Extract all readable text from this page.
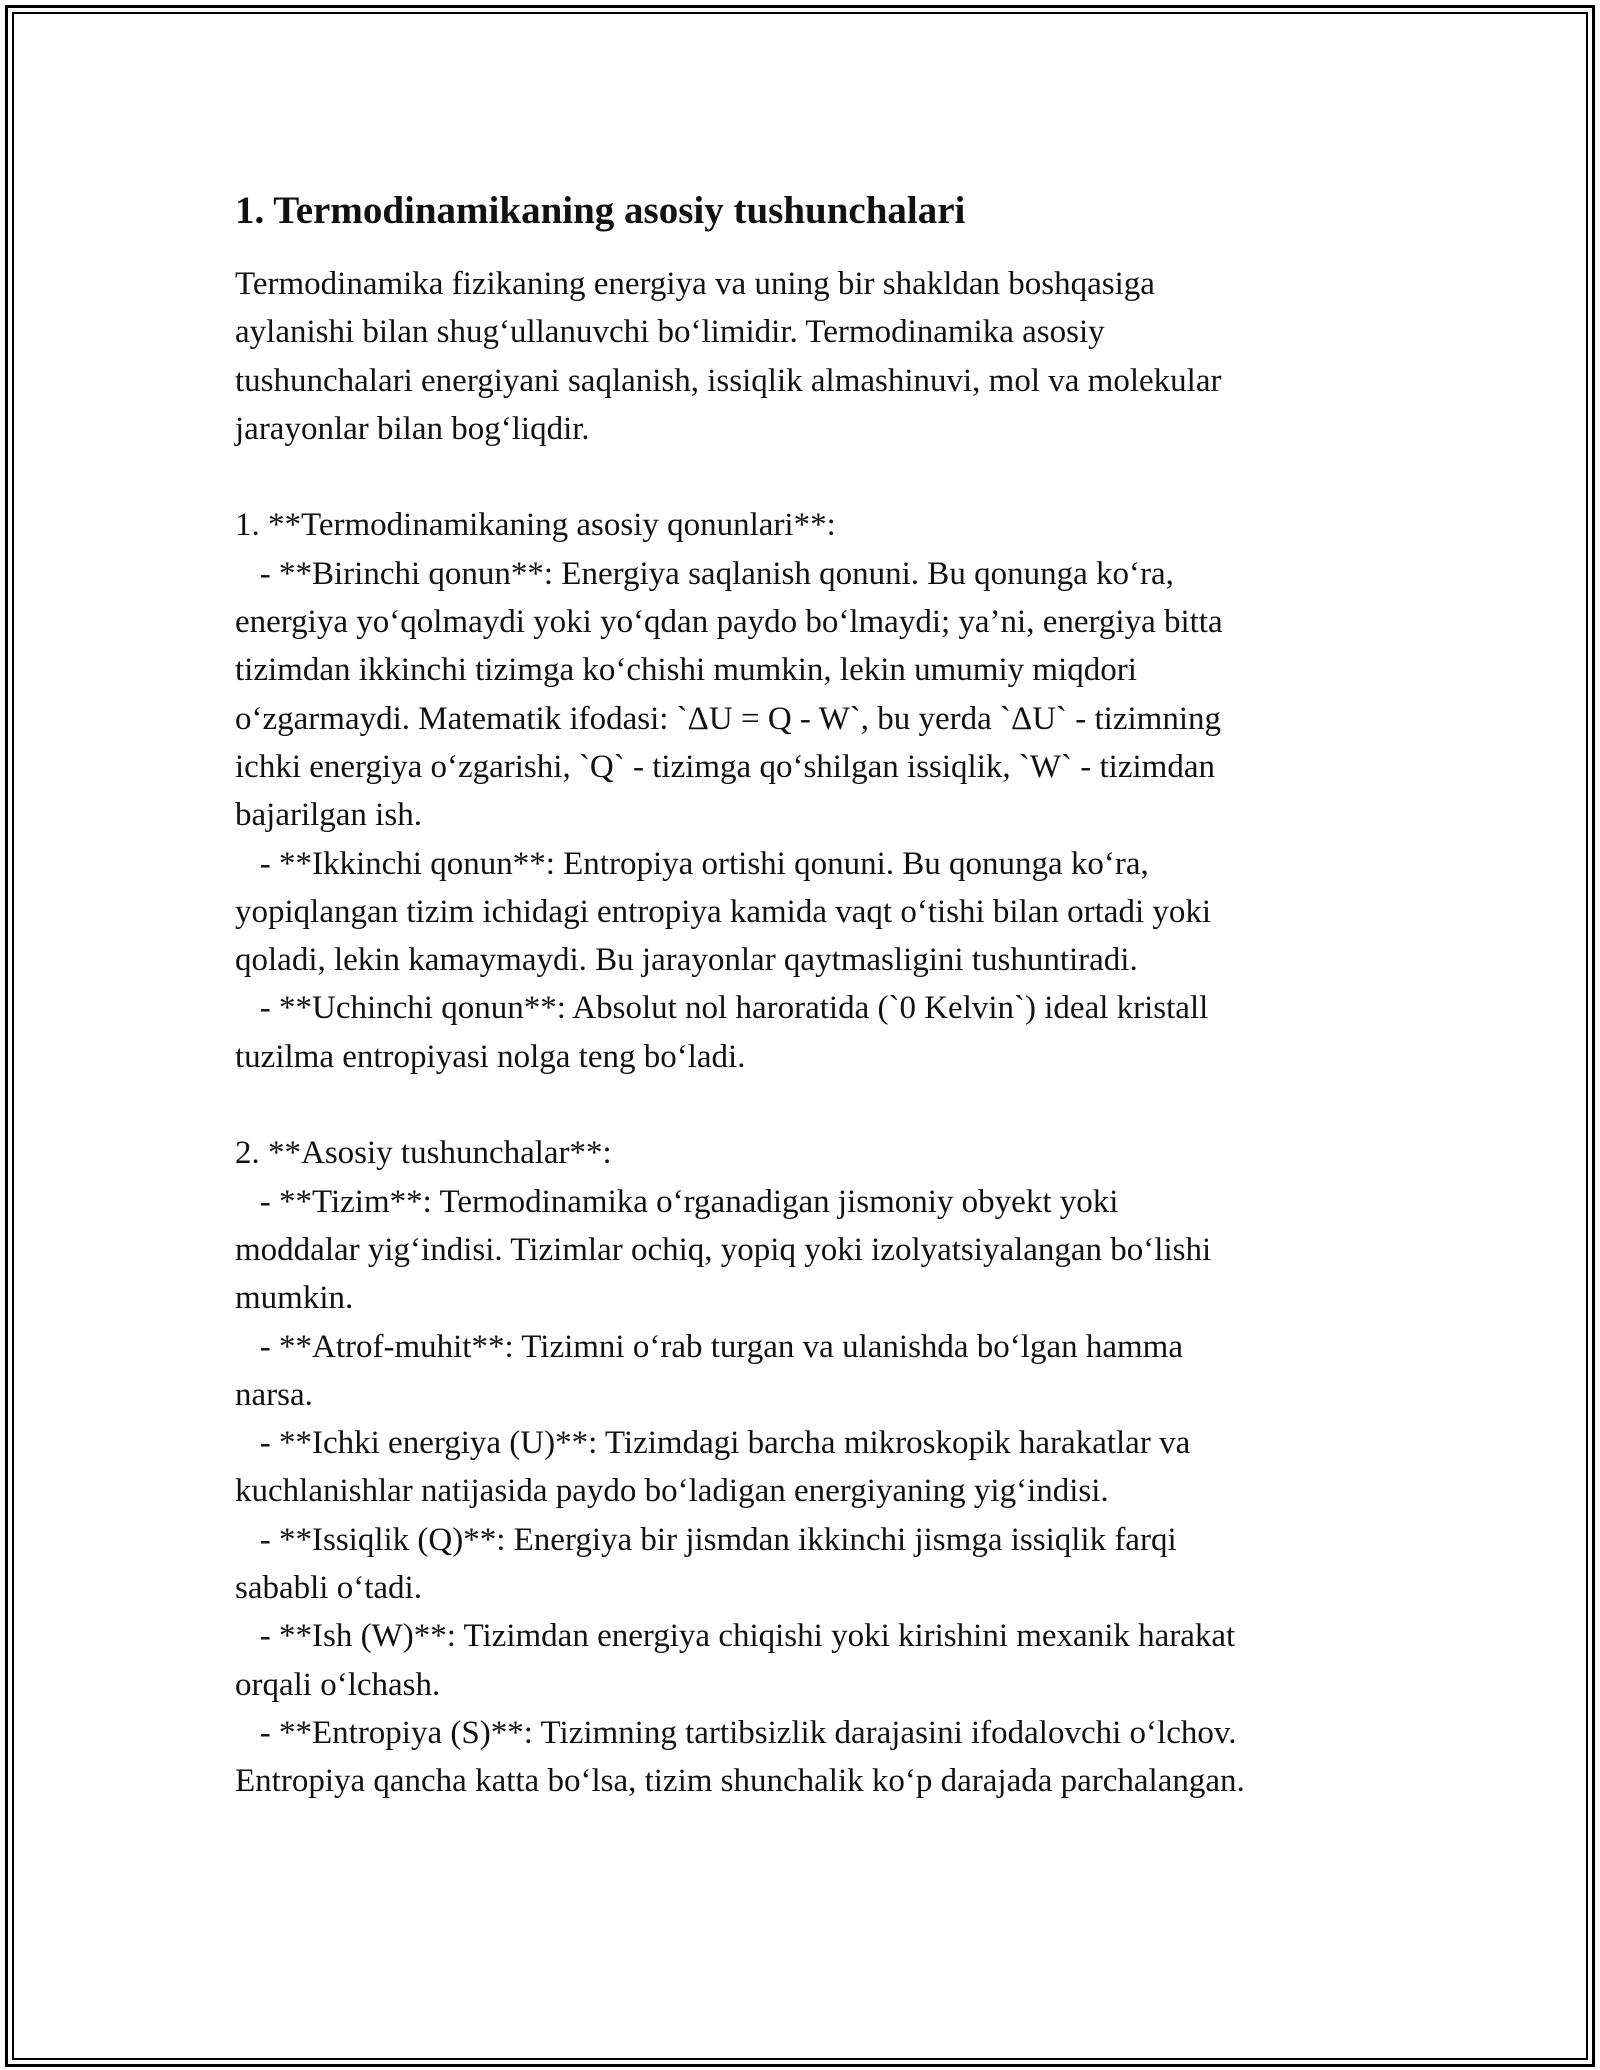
1. Termodinamikaning asosiy tushunchalari
Termodinamika fizikaning energiya va uning bir shakldan boshqasiga
aylanishi bilan shug‘ullanuvchi bo‘limidir. Termodinamika asosiy
tushunchalari energiyani saqlanish, issiqlik almashinuvi, mol va molekular
jarayonlar bilan bog‘liqdir.
1. **Termodinamikaning asosiy qonunlari**:
- **Birinchi qonun**: Energiya saqlanish qonuni. Bu qonunga ko‘ra,
energiya yo‘qolmaydi yoki yo‘qdan paydo bo‘lmaydi; ya’ni, energiya bitta
tizimdan ikkinchi tizimga ko‘chishi mumkin, lekin umumiy miqdori
o‘zgarmaydi. Matematik ifodasi: `ΔU = Q - W`, bu yerda `ΔU` - tizimning
ichki energiya o‘zgarishi, `Q` - tizimga qo‘shilgan issiqlik, `W` - tizimdan
bajarilgan ish.
- **Ikkinchi qonun**: Entropiya ortishi qonuni. Bu qonunga ko‘ra,
yopiqlangan tizim ichidagi entropiya kamida vaqt o‘tishi bilan ortadi yoki
qoladi, lekin kamaymaydi. Bu jarayonlar qaytmasligini tushuntiradi.
- **Uchinchi qonun**: Absolut nol haroratida (`0 Kelvin`) ideal kristall
tuzilma entropiyasi nolga teng bo‘ladi.
2. **Asosiy tushunchalar**:
- **Tizim**: Termodinamika o‘rganadigan jismoniy obyekt yoki
moddalar yig‘indisi. Tizimlar ochiq, yopiq yoki izolyatsiyalangan bo‘lishi
mumkin.
- **Atrof-muhit**: Tizimni o‘rab turgan va ulanishda bo‘lgan hamma
narsa.
- **Ichki energiya (U)**: Tizimdagi barcha mikroskopik harakatlar va
kuchlanishlar natijasida paydo bo‘ladigan energiyaning yig‘indisi.
- **Issiqlik (Q)**: Energiya bir jismdan ikkinchi jismga issiqlik farqi
sababli o‘tadi.
- **Ish (W)**: Tizimdan energiya chiqishi yoki kirishini mexanik harakat
orqali o‘lchash.
- **Entropiya (S)**: Tizimning tartibsizlik darajasini ifodalovchi o‘lchov.
Entropiya qancha katta bo‘lsa, tizim shunchalik ko‘p darajada parchalangan.
